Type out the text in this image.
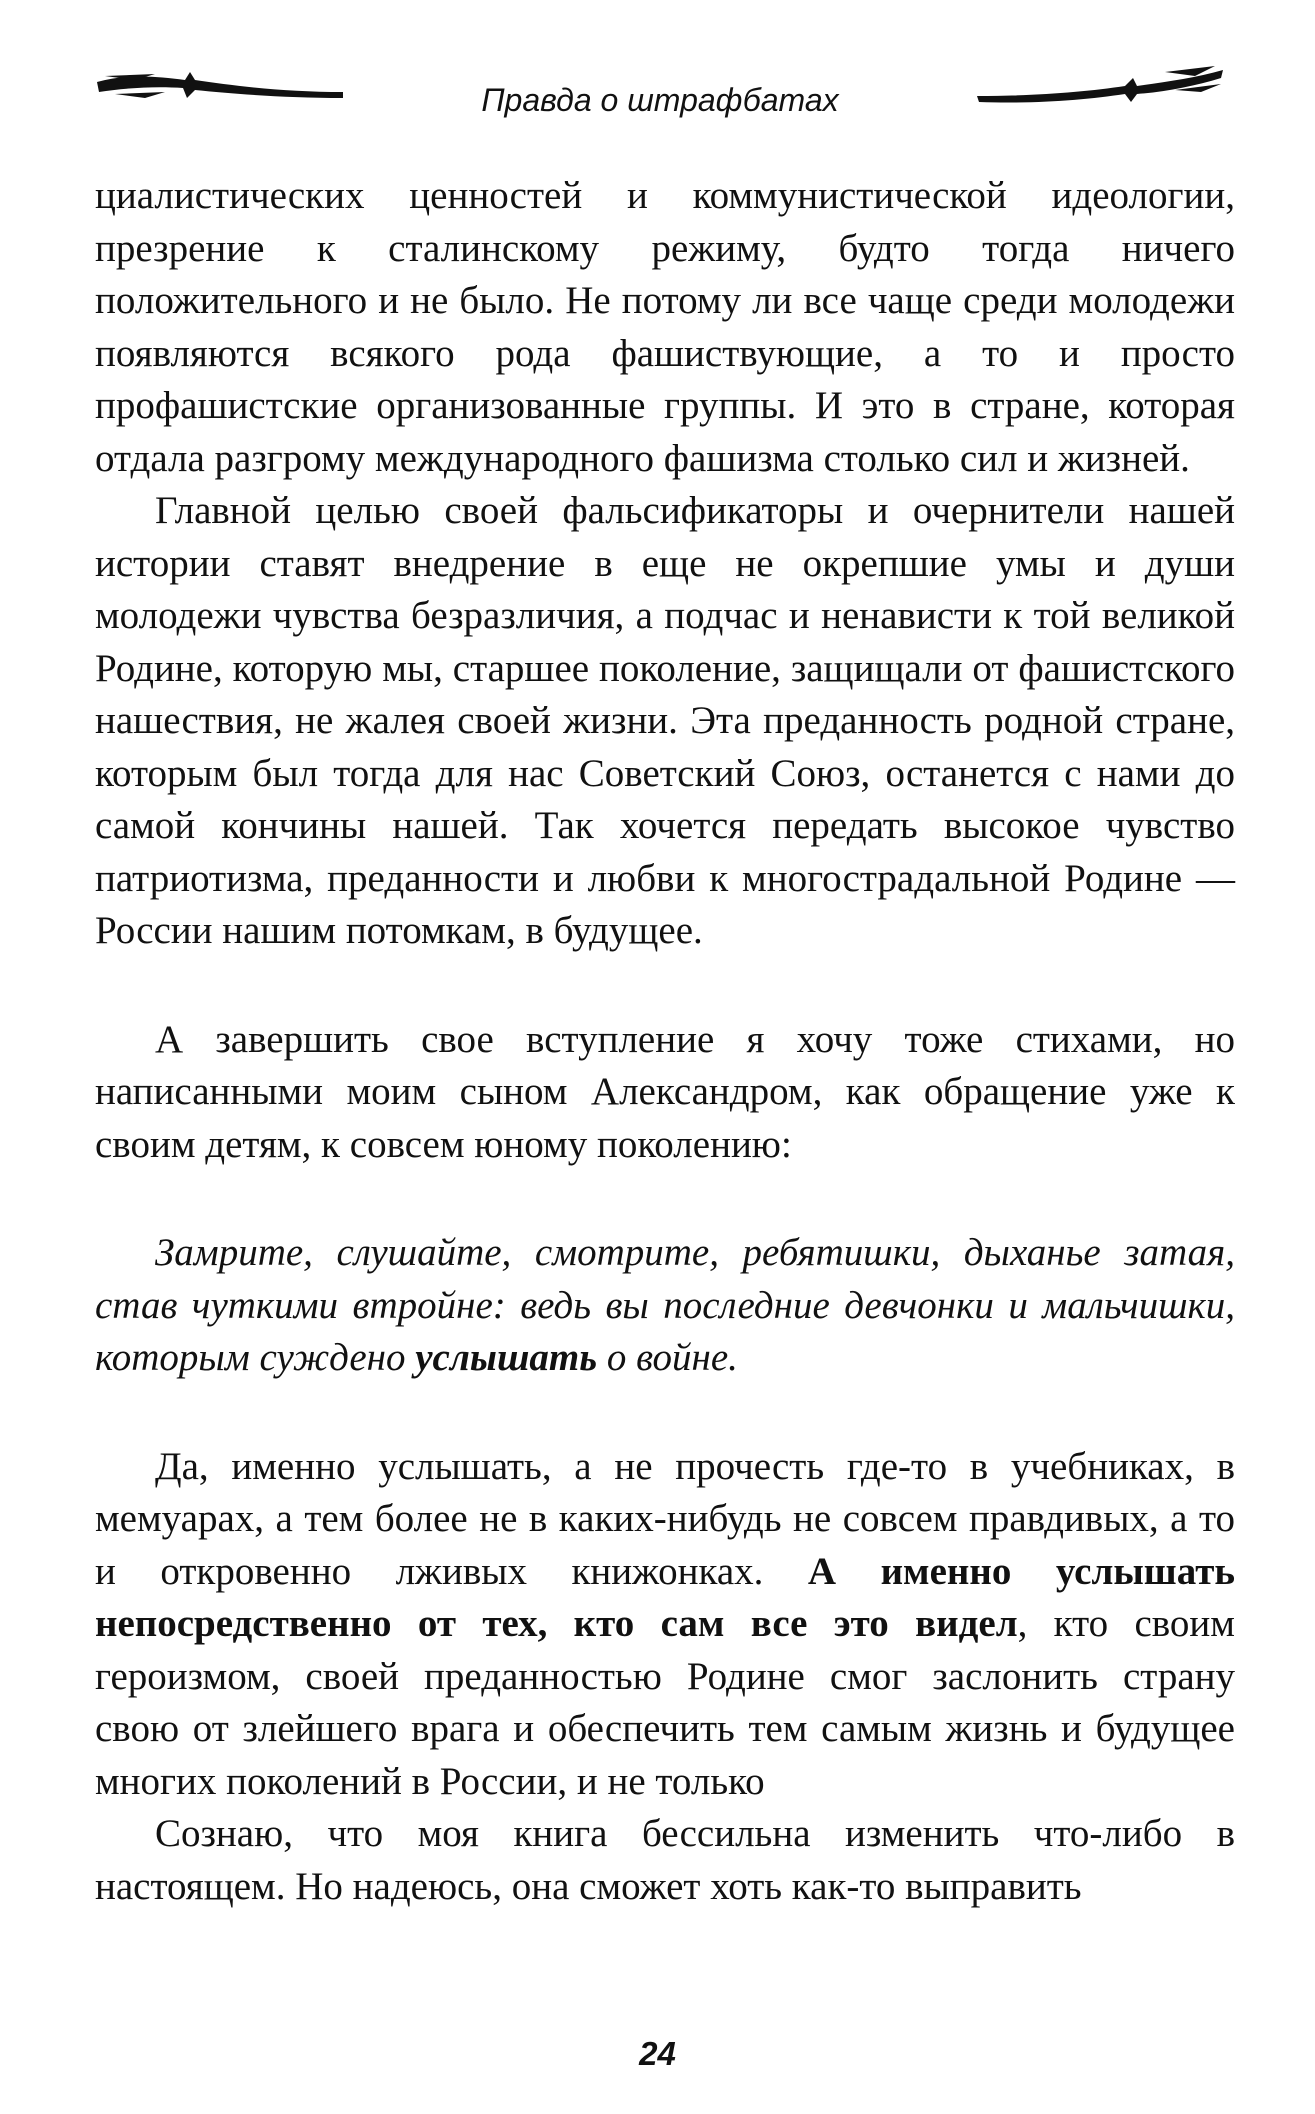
Правда о штрафбатах

циалистических ценностей и коммунистической идеологии, презрение к сталинскому режиму, будто тогда ничего положительного и не было. Не потому ли все чаще среди молодежи появляются всякого рода фашиствующие, а то и просто профашистские организованные группы. И это в стране, которая отдала разгрому международного фашизма столько сил и жизней.

Главной целью своей фальсификаторы и очернители нашей истории ставят внедрение в еще не окрепшие умы и души молодежи чувства безразличия, а подчас и ненависти к той великой Родине, которую мы, старшее поколение, защищали от фашистского нашествия, не жалея своей жизни. Эта преданность родной стране, которым был тогда для нас Советский Союз, останется с нами до самой кончины нашей. Так хочется передать высокое чувство патриотизма, преданности и любви к многострадальной Родине — России нашим потомкам, в будущее.

А завершить свое вступление я хочу тоже стихами, но написанными моим сыном Александром, как обращение уже к своим детям, к совсем юному поколению:

Замрите, слушайте, смотрите, ребятишки, дыханье затая, став чуткими втройне: ведь вы последние девчонки и мальчишки, которым суждено услышать о войне.

Да, именно услышать, а не прочесть где-то в учебниках, в мемуарах, а тем более не в каких-нибудь не совсем правдивых, а то и откровенно лживых книжонках. А именно услышать непосредственно от тех, кто сам все это видел, кто своим героизмом, своей преданностью Родине смог заслонить страну свою от злейшего врага и обеспечить тем самым жизнь и будущее многих поколений в России, и не только

Сознаю, что моя книга бессильна изменить что-либо в настоящем. Но надеюсь, она сможет хоть как-то выправить

24
